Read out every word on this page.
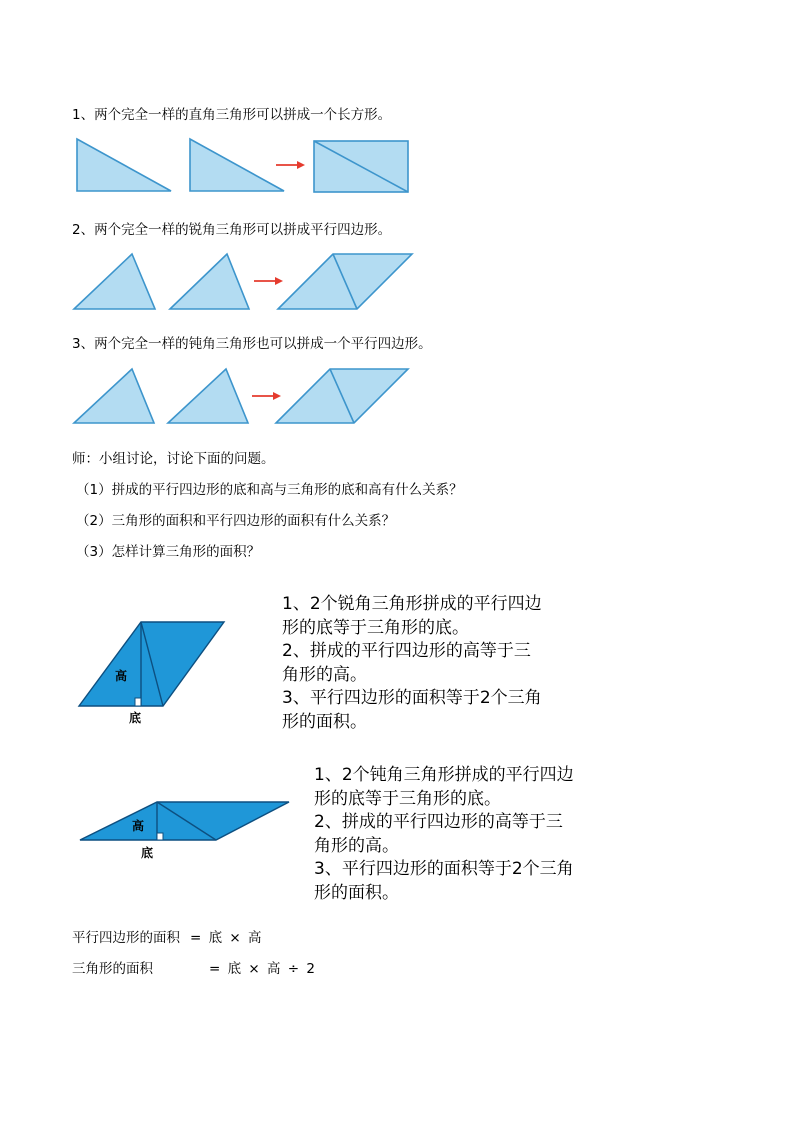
1、两个完全一样的直角三角形可以拼成一个长方形。
2、两个完全一样的锐角三角形可以拼成平行四边形。
3、两个完全一样的钝角三角形也可以拼成一个平行四边形。
师：小组讨论，讨论下面的问题。
（1）拼成的平行四边形的底和高与三角形的底和高有什么关系？
（2）三角形的面积和平行四边形的面积有什么关系？
（3）怎样计算三角形的面积？
高
底
1、2个锐角三角形拼成的平行四边
形的底等于三角形的底。
2、拼成的平行四边形的高等于三
角形的高。
3、平行四边形的面积等于2个三角
形的面积。
高
底
1、2个钝角三角形拼成的平行四边
形的底等于三角形的底。
2、拼成的平行四边形的高等于三
角形的高。
3、平行四边形的面积等于2个三角
形的面积。
平行四边形的面积 = 底 × 高
三角形的面积	= 底 × 高 ÷ 2
